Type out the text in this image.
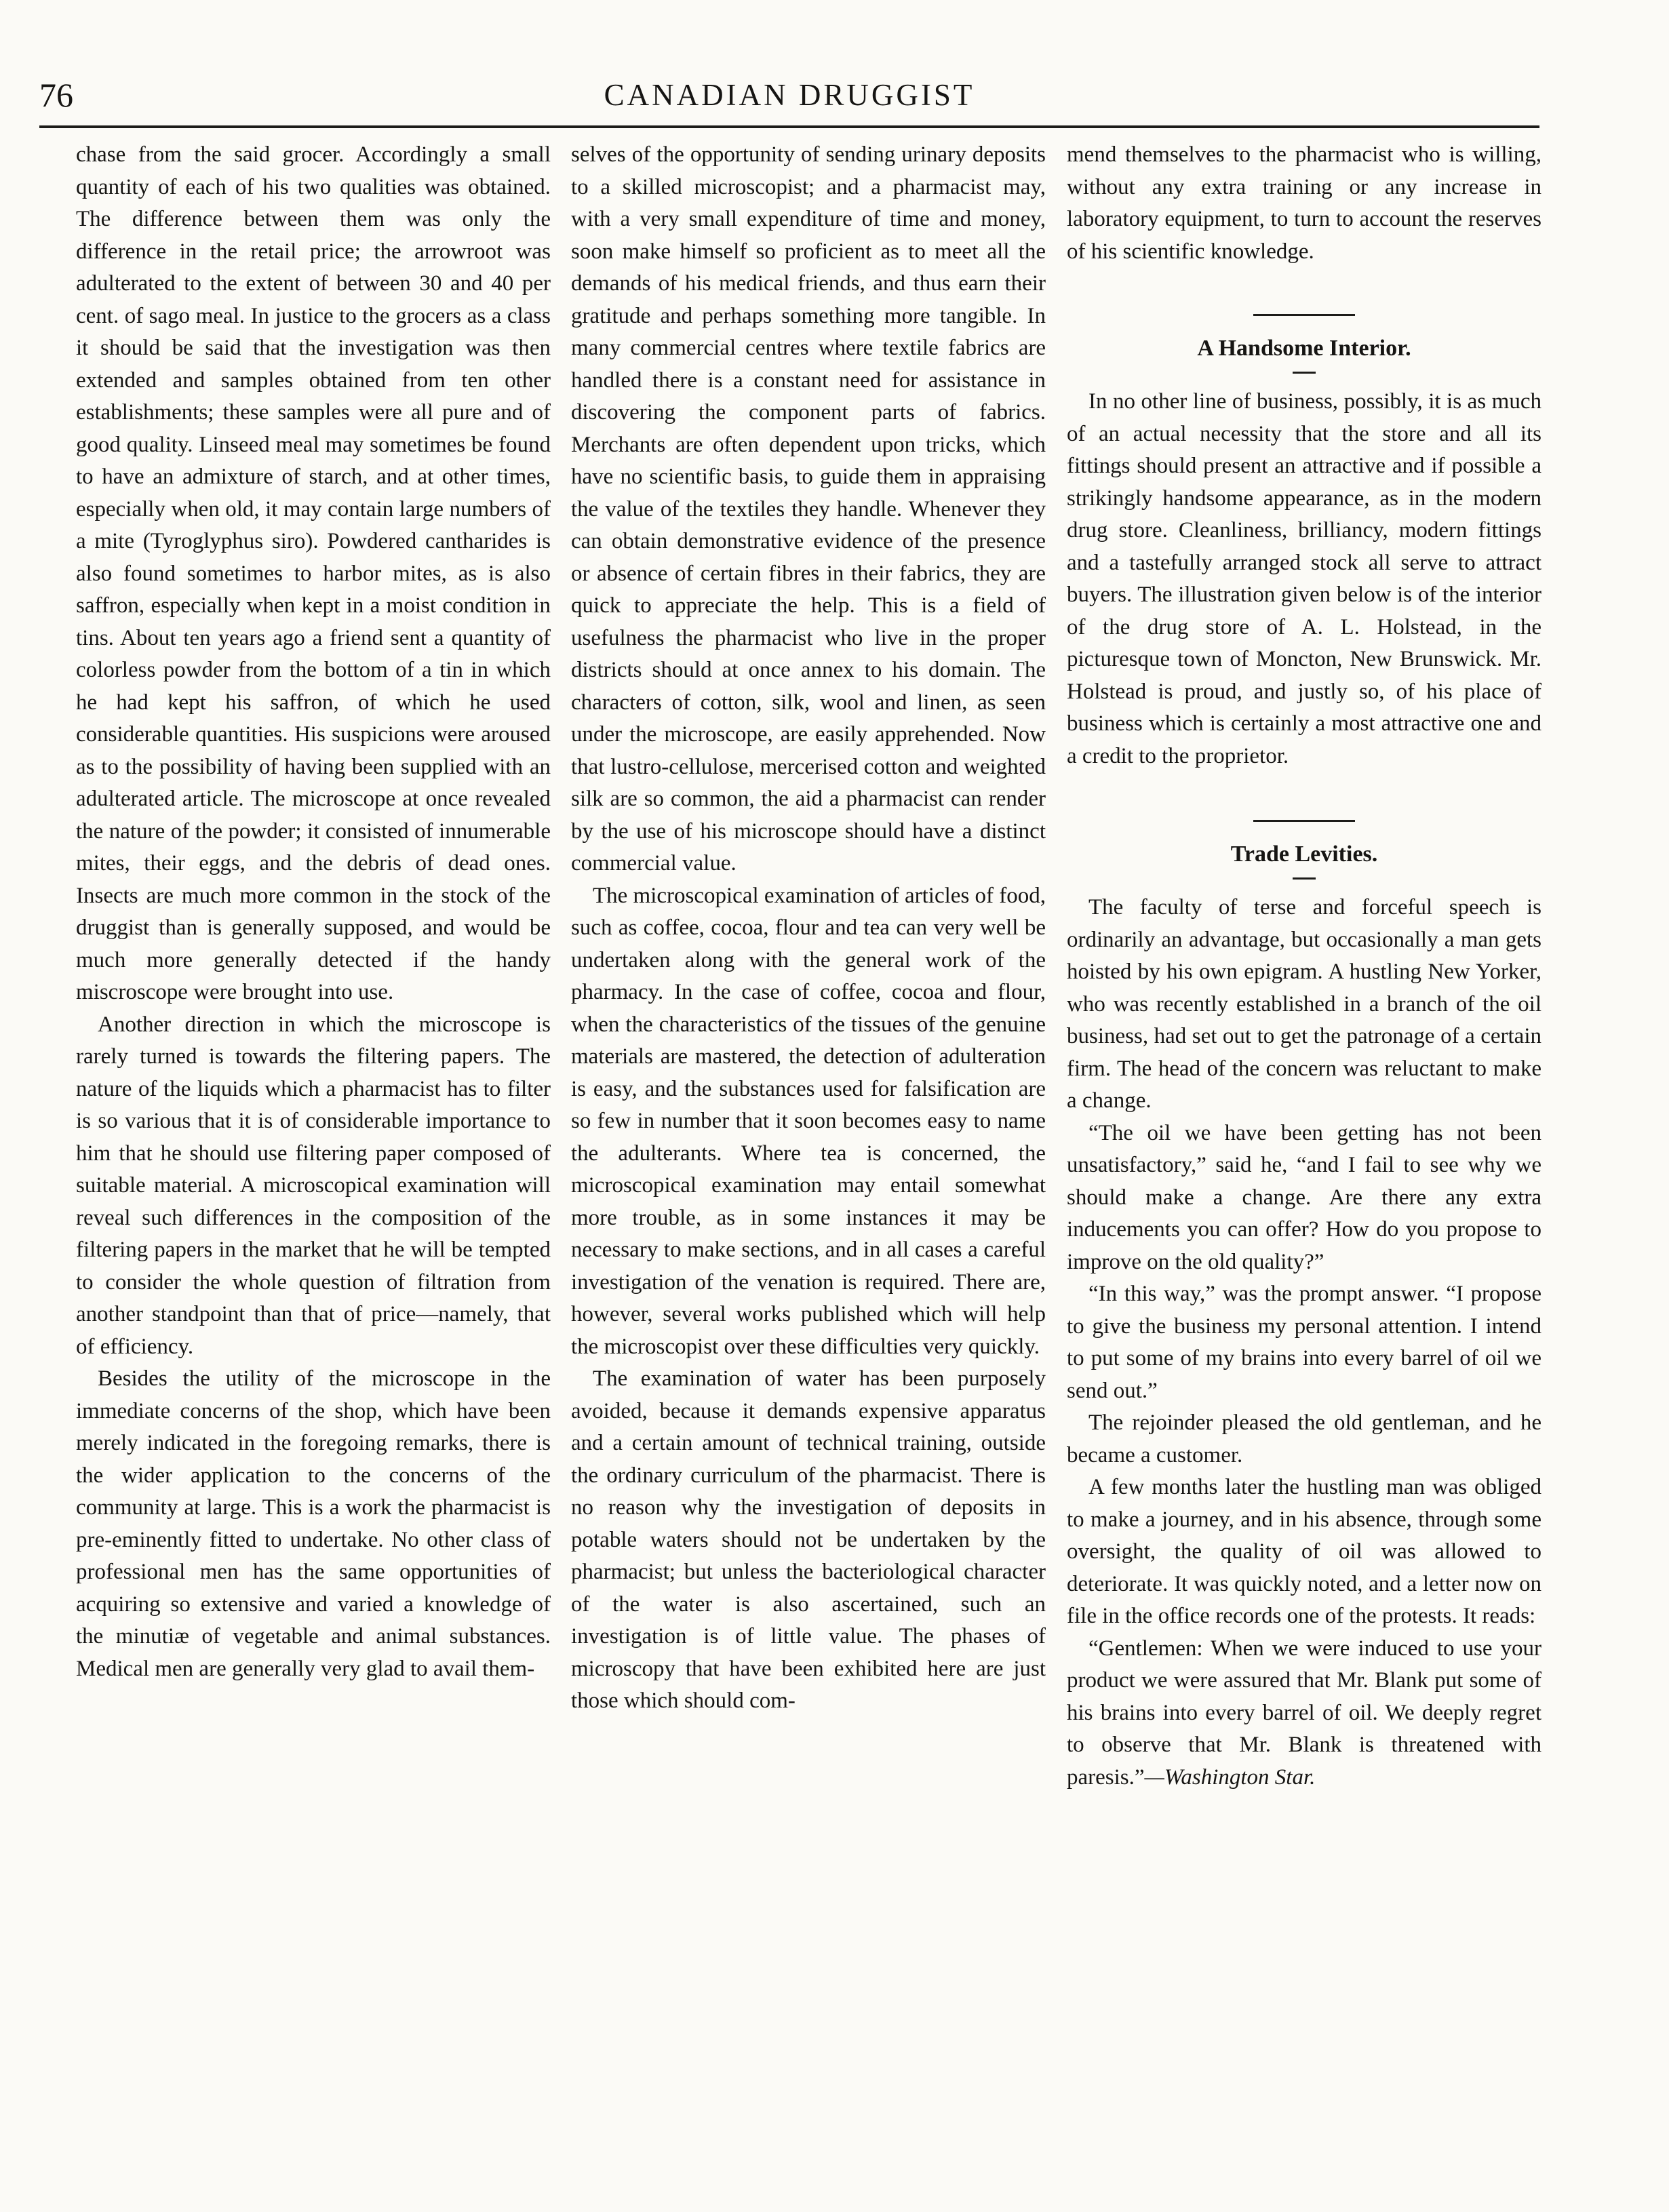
76	CANADIAN DRUGGIST

chase from the said grocer. Accordingly a small quantity of each of his two qualities was obtained. The difference between them was only the difference in the retail price; the arrowroot was adulterated to the extent of between 30 and 40 per cent. of sago meal. In justice to the grocers as a class it should be said that the investigation was then extended and samples obtained from ten other establishments; these samples were all pure and of good quality. Linseed meal may sometimes be found to have an admixture of starch, and at other times, especially when old, it may contain large numbers of a mite (Tyroglyphus siro). Powdered cantharides is also found sometimes to harbor mites, as is also saffron, especially when kept in a moist condition in tins. About ten years ago a friend sent a quantity of colorless powder from the bottom of a tin in which he had kept his saffron, of which he used considerable quantities. His suspicions were aroused as to the possibility of having been supplied with an adulterated article. The microscope at once revealed the nature of the powder; it consisted of innumerable mites, their eggs, and the debris of dead ones. Insects are much more common in the stock of the druggist than is generally supposed, and would be much more generally detected if the handy miscroscope were brought into use.

Another direction in which the microscope is rarely turned is towards the filtering papers. The nature of the liquids which a pharmacist has to filter is so various that it is of considerable importance to him that he should use filtering paper composed of suitable material. A microscopical examination will reveal such differences in the composition of the filtering papers in the market that he will be tempted to consider the whole question of filtration from another standpoint than that of price—namely, that of efficiency.

Besides the utility of the microscope in the immediate concerns of the shop, which have been merely indicated in the foregoing remarks, there is the wider application to the concerns of the community at large. This is a work the pharmacist is pre-eminently fitted to undertake. No other class of professional men has the same opportunities of acquiring so extensive and varied a knowledge of the minutiæ of vegetable and animal substances. Medical men are generally very glad to avail them-

selves of the opportunity of sending urinary deposits to a skilled microscopist; and a pharmacist may, with a very small expenditure of time and money, soon make himself so proficient as to meet all the demands of his medical friends, and thus earn their gratitude and perhaps something more tangible. In many commercial centres where textile fabrics are handled there is a constant need for assistance in discovering the component parts of fabrics. Merchants are often dependent upon tricks, which have no scientific basis, to guide them in appraising the value of the textiles they handle. Whenever they can obtain demonstrative evidence of the presence or absence of certain fibres in their fabrics, they are quick to appreciate the help. This is a field of usefulness the pharmacist who live in the proper districts should at once annex to his domain. The characters of cotton, silk, wool and linen, as seen under the microscope, are easily apprehended. Now that lustro-cellulose, mercerised cotton and weighted silk are so common, the aid a pharmacist can render by the use of his microscope should have a distinct commercial value.

The microscopical examination of articles of food, such as coffee, cocoa, flour and tea can very well be undertaken along with the general work of the pharmacy. In the case of coffee, cocoa and flour, when the characteristics of the tissues of the genuine materials are mastered, the detection of adulteration is easy, and the substances used for falsification are so few in number that it soon becomes easy to name the adulterants. Where tea is concerned, the microscopical examination may entail somewhat more trouble, as in some instances it may be necessary to make sections, and in all cases a careful investigation of the venation is required. There are, however, several works published which will help the microscopist over these difficulties very quickly.

The examination of water has been purposely avoided, because it demands expensive apparatus and a certain amount of technical training, outside the ordinary curriculum of the pharmacist. There is no reason why the investigation of deposits in potable waters should not be undertaken by the pharmacist; but unless the bacteriological character of the water is also ascertained, such an investigation is of little value. The phases of microscopy that have been exhibited here are just those which should com-

mend themselves to the pharmacist who is willing, without any extra training or any increase in laboratory equipment, to turn to account the reserves of his scientific knowledge.

A Handsome Interior.

In no other line of business, possibly, it is as much of an actual necessity that the store and all its fittings should present an attractive and if possible a strikingly handsome appearance, as in the modern drug store. Cleanliness, brilliancy, modern fittings and a tastefully arranged stock all serve to attract buyers. The illustration given below is of the interior of the drug store of A. L. Holstead, in the picturesque town of Moncton, New Brunswick. Mr. Holstead is proud, and justly so, of his place of business which is certainly a most attractive one and a credit to the proprietor.

Trade Levities.

The faculty of terse and forceful speech is ordinarily an advantage, but occasionally a man gets hoisted by his own epigram. A hustling New Yorker, who was recently established in a branch of the oil business, had set out to get the patronage of a certain firm. The head of the concern was reluctant to make a change.

“The oil we have been getting has not been unsatisfactory,” said he, “and I fail to see why we should make a change. Are there any extra inducements you can offer? How do you propose to improve on the old quality?”

“In this way,” was the prompt answer. “I propose to give the business my personal attention. I intend to put some of my brains into every barrel of oil we send out.”

The rejoinder pleased the old gentleman, and he became a customer.

A few months later the hustling man was obliged to make a journey, and in his absence, through some oversight, the quality of oil was allowed to deteriorate. It was quickly noted, and a letter now on file in the office records one of the protests. It reads:

“Gentlemen: When we were induced to use your product we were assured that Mr. Blank put some of his brains into every barrel of oil. We deeply regret to observe that Mr. Blank is threatened with paresis.”—Washington Star.
